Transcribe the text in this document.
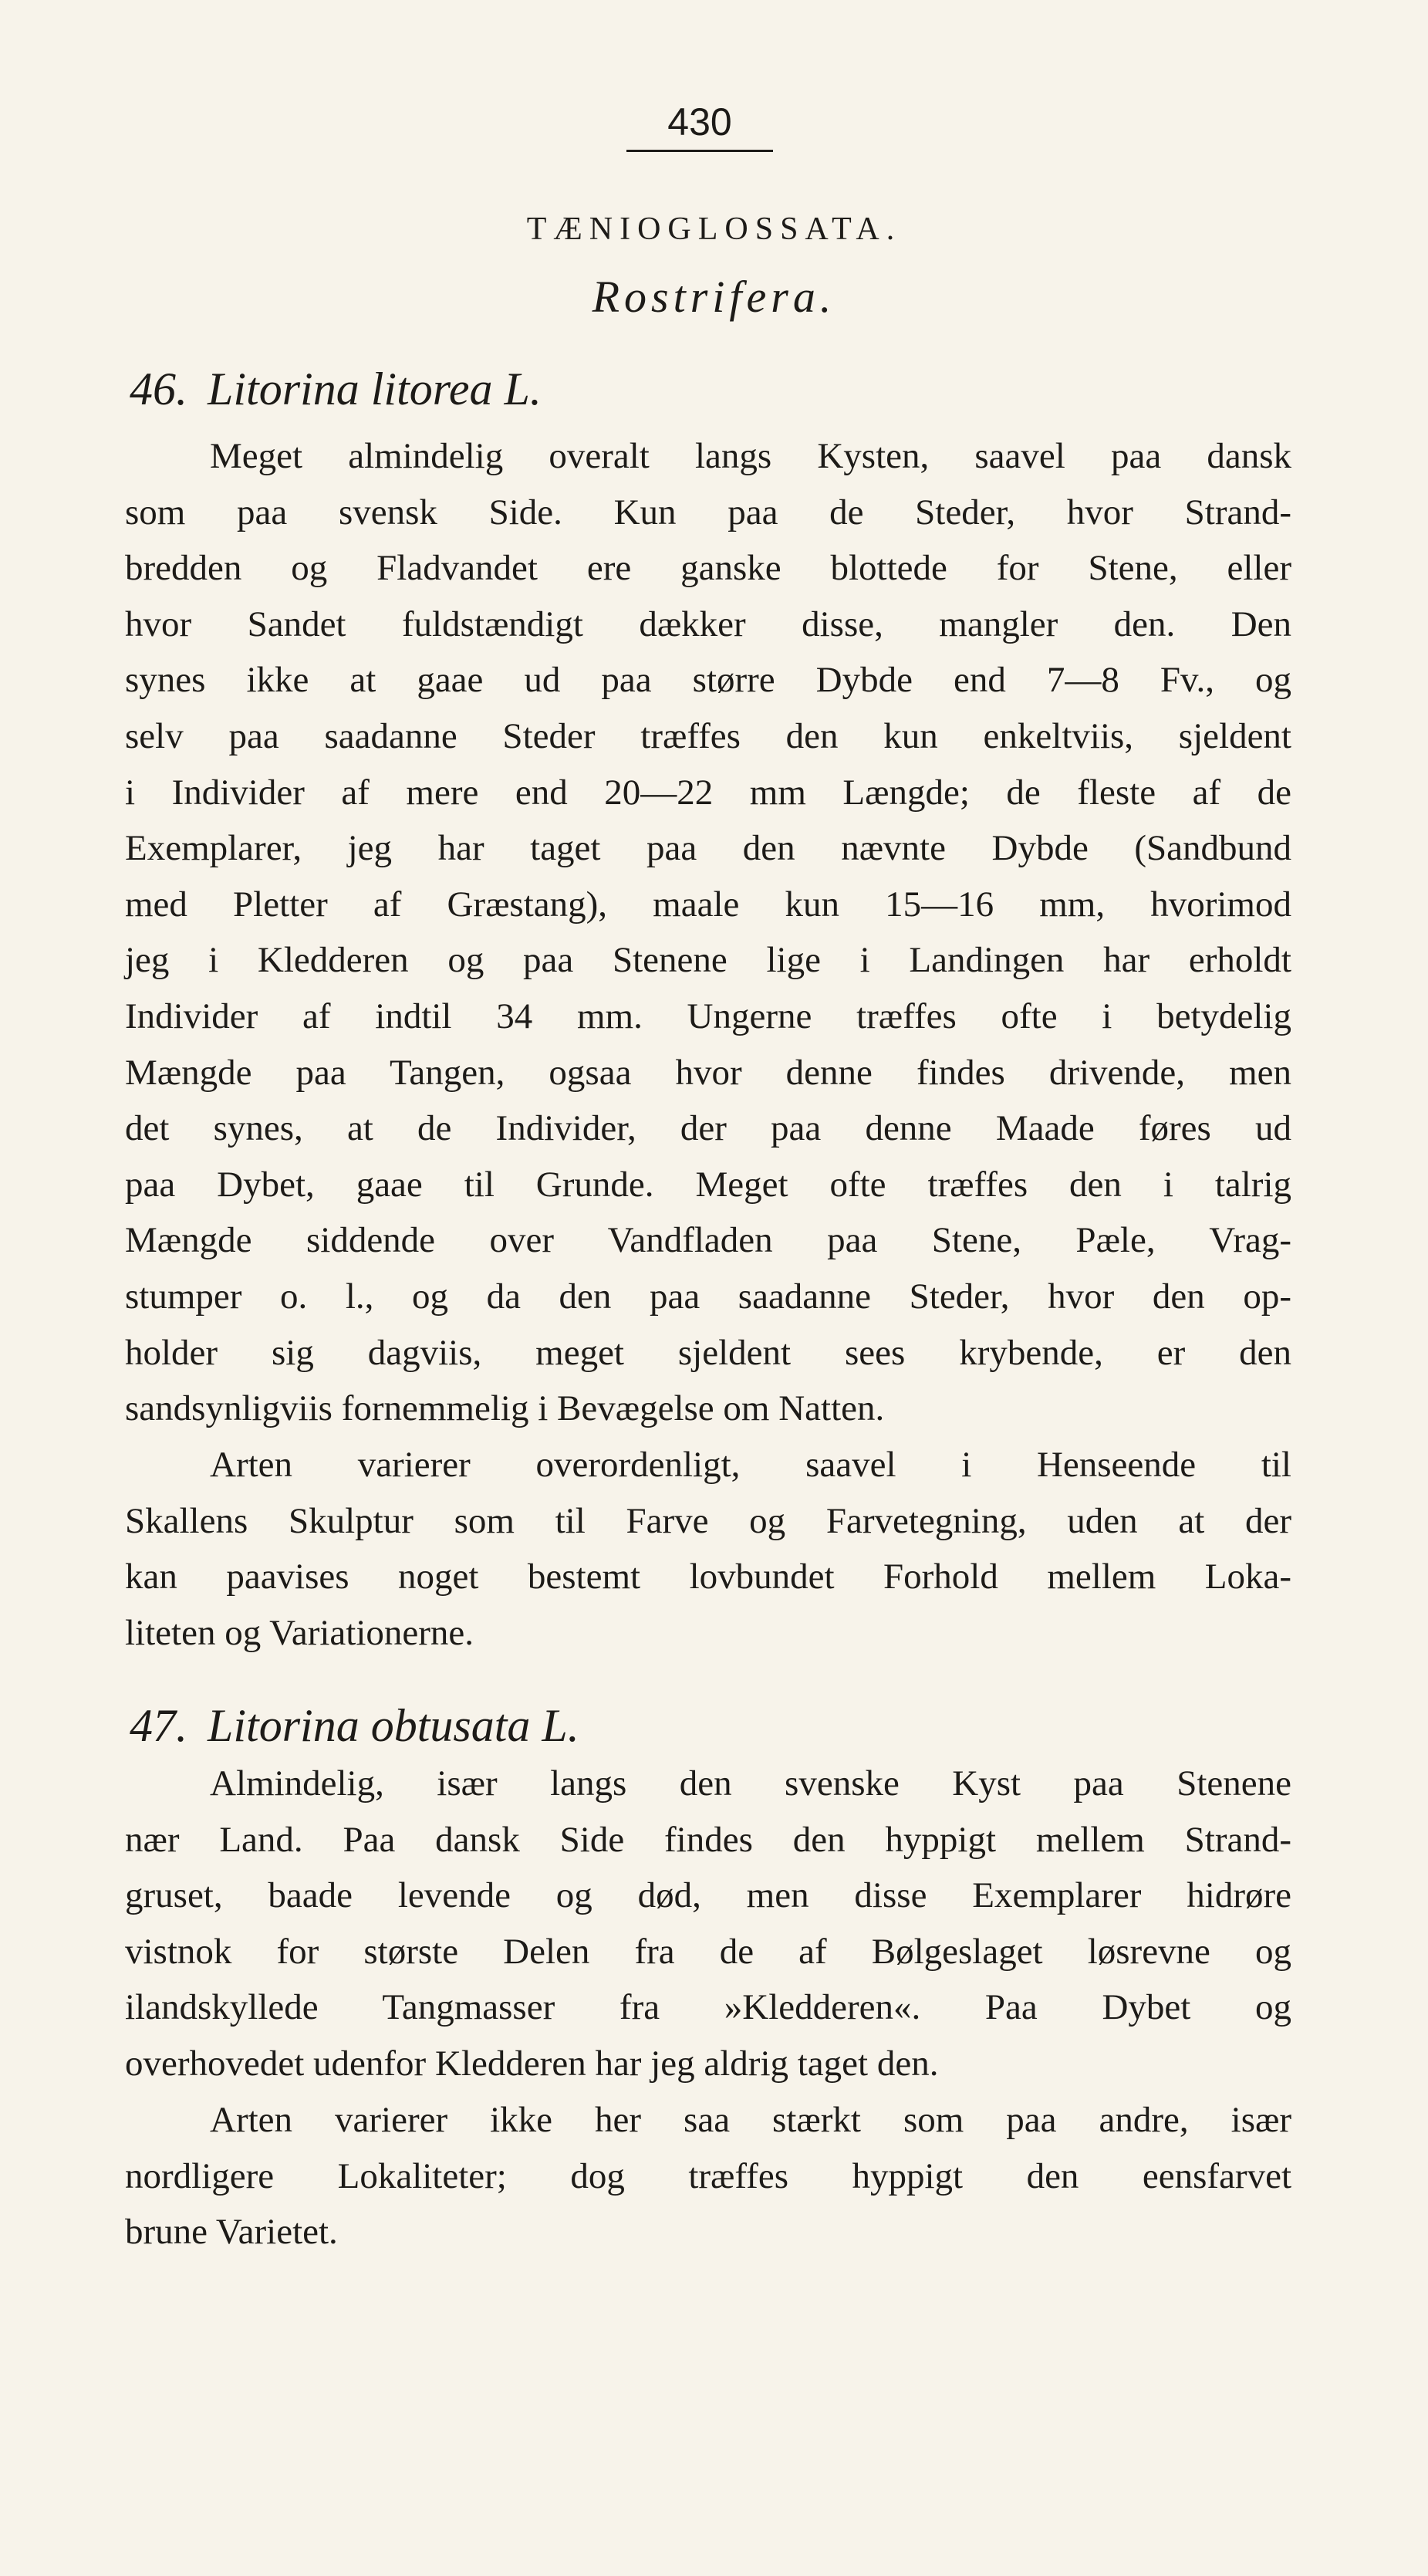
430
TÆNIOGLOSSATA.
Rostrifera.
46. Litorina litorea L.
Meget almindelig overalt langs Kysten, saavel paa dansk
som paa svensk Side. Kun paa de Steder, hvor Strand-
bredden og Fladvandet ere ganske blottede for Stene, eller
hvor Sandet fuldstændigt dækker disse, mangler den. Den
synes ikke at gaae ud paa større Dybde end 7—8 Fv., og
selv paa saadanne Steder træffes den kun enkeltviis, sjeldent
i Individer af mere end 20—22 mm Længde; de fleste af de
Exemplarer, jeg har taget paa den nævnte Dybde (Sandbund
med Pletter af Græstang), maale kun 15—16 mm, hvorimod
jeg i Kledderen og paa Stenene lige i Landingen har erholdt
Individer af indtil 34 mm. Ungerne træffes ofte i betydelig
Mængde paa Tangen, ogsaa hvor denne findes drivende, men
det synes, at de Individer, der paa denne Maade føres ud
paa Dybet, gaae til Grunde. Meget ofte træffes den i talrig
Mængde siddende over Vandfladen paa Stene, Pæle, Vrag-
stumper o. l., og da den paa saadanne Steder, hvor den op-
holder sig dagviis, meget sjeldent sees krybende, er den
sandsynligviis fornemmelig i Bevægelse om Natten.
Arten varierer overordenligt, saavel i Henseende til
Skallens Skulptur som til Farve og Farvetegning, uden at der
kan paavises noget bestemt lovbundet Forhold mellem Loka-
liteten og Variationerne.
47. Litorina obtusata L.
Almindelig, især langs den svenske Kyst paa Stenene
nær Land. Paa dansk Side findes den hyppigt mellem Strand-
gruset, baade levende og død, men disse Exemplarer hidrøre
vistnok for største Delen fra de af Bølgeslaget løsrevne og
ilandskyllede Tangmasser fra »Kledderen«. Paa Dybet og
overhovedet udenfor Kledderen har jeg aldrig taget den.
Arten varierer ikke her saa stærkt som paa andre, især
nordligere Lokaliteter; dog træffes hyppigt den eensfarvet
brune Varietet.
